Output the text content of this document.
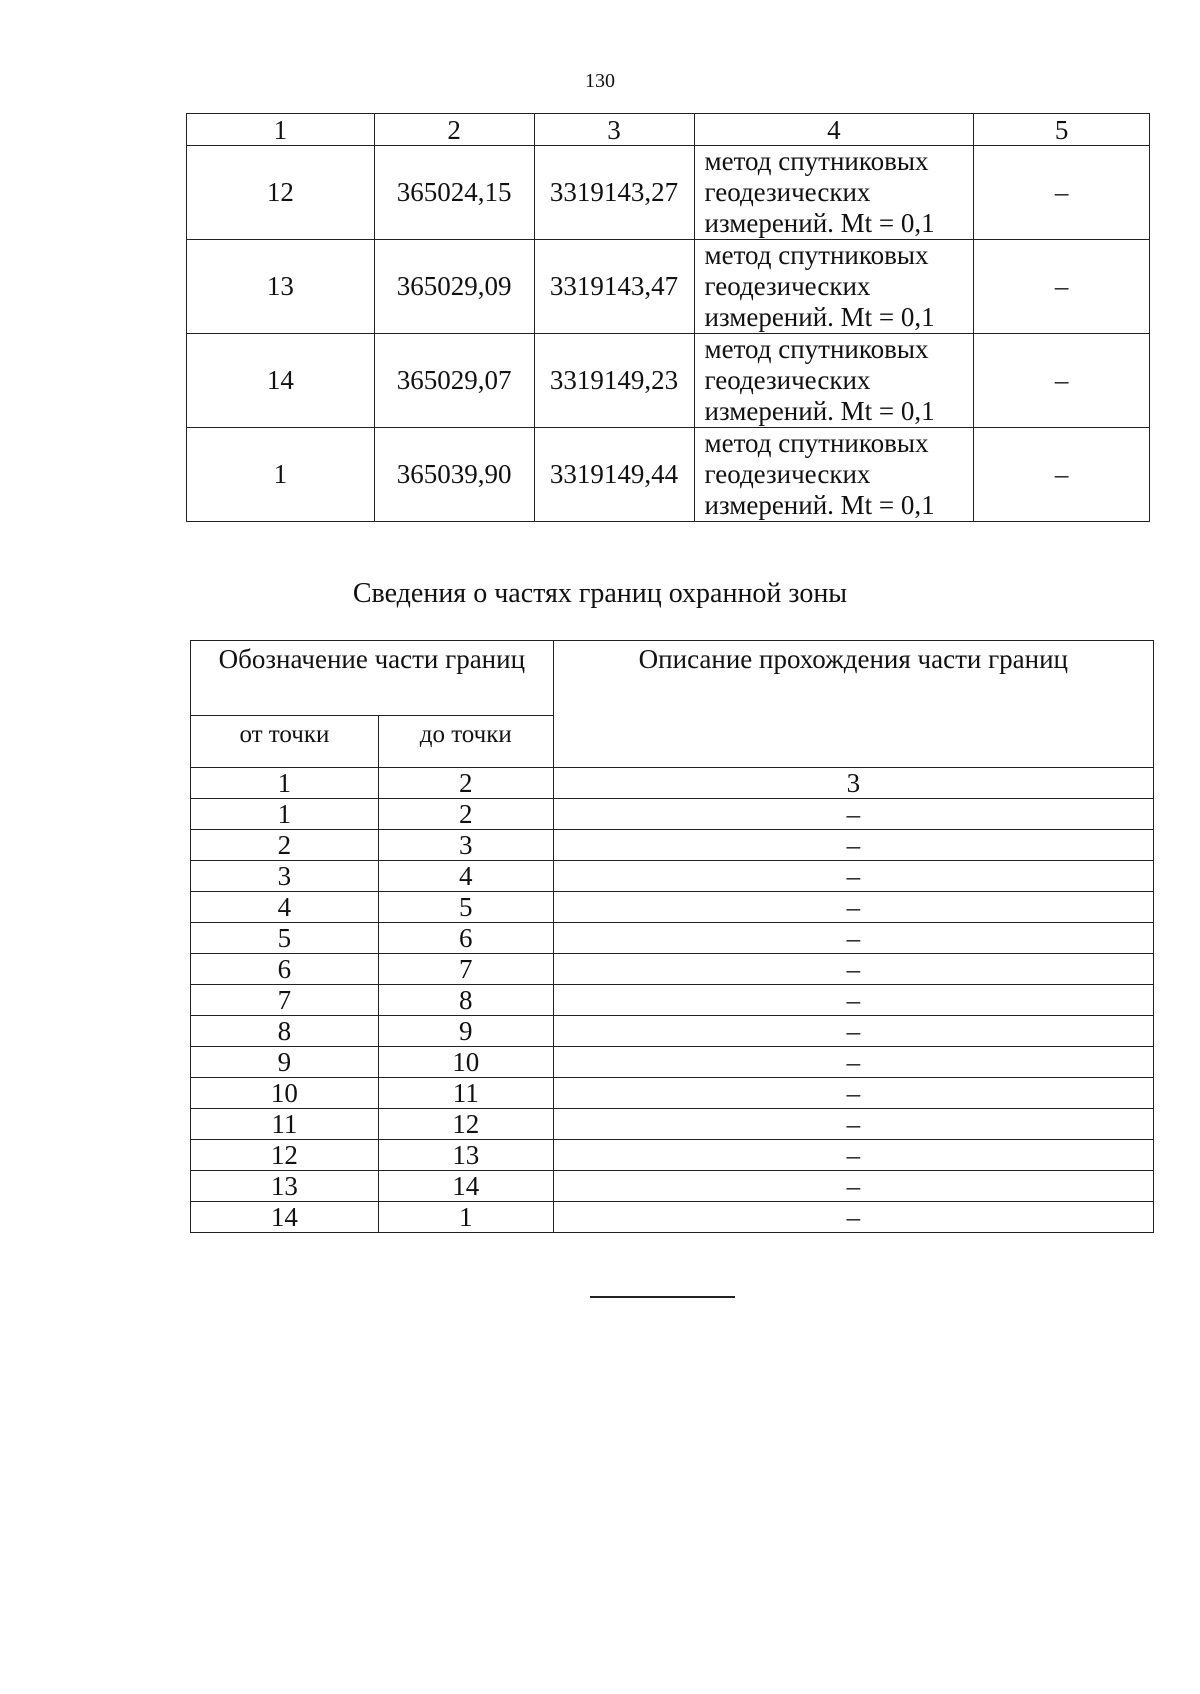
130
1	2	3	4	5
12	365024,15	3319143,27	метод спутниковых
геодезических
измерений. Mt = 0,1	–
13	365029,09	3319143,47	метод спутниковых
геодезических
измерений. Mt = 0,1	–
14	365029,07	3319149,23	метод спутниковых
геодезических
измерений. Mt = 0,1	–
1	365039,90	3319149,44	метод спутниковых
геодезических
измерений. Mt = 0,1	–
Сведения о частях границ охранной зоны
Обозначение части границ		Описание прохождения части границ
от точки	до точки	
1	2	3
1	2	–
2	3	–
3	4	–
4	5	–
5	6	–
6	7	–
7	8	–
8	9	–
9	10	–
10	11	–
11	12	–
12	13	–
13	14	–
14	1	–
